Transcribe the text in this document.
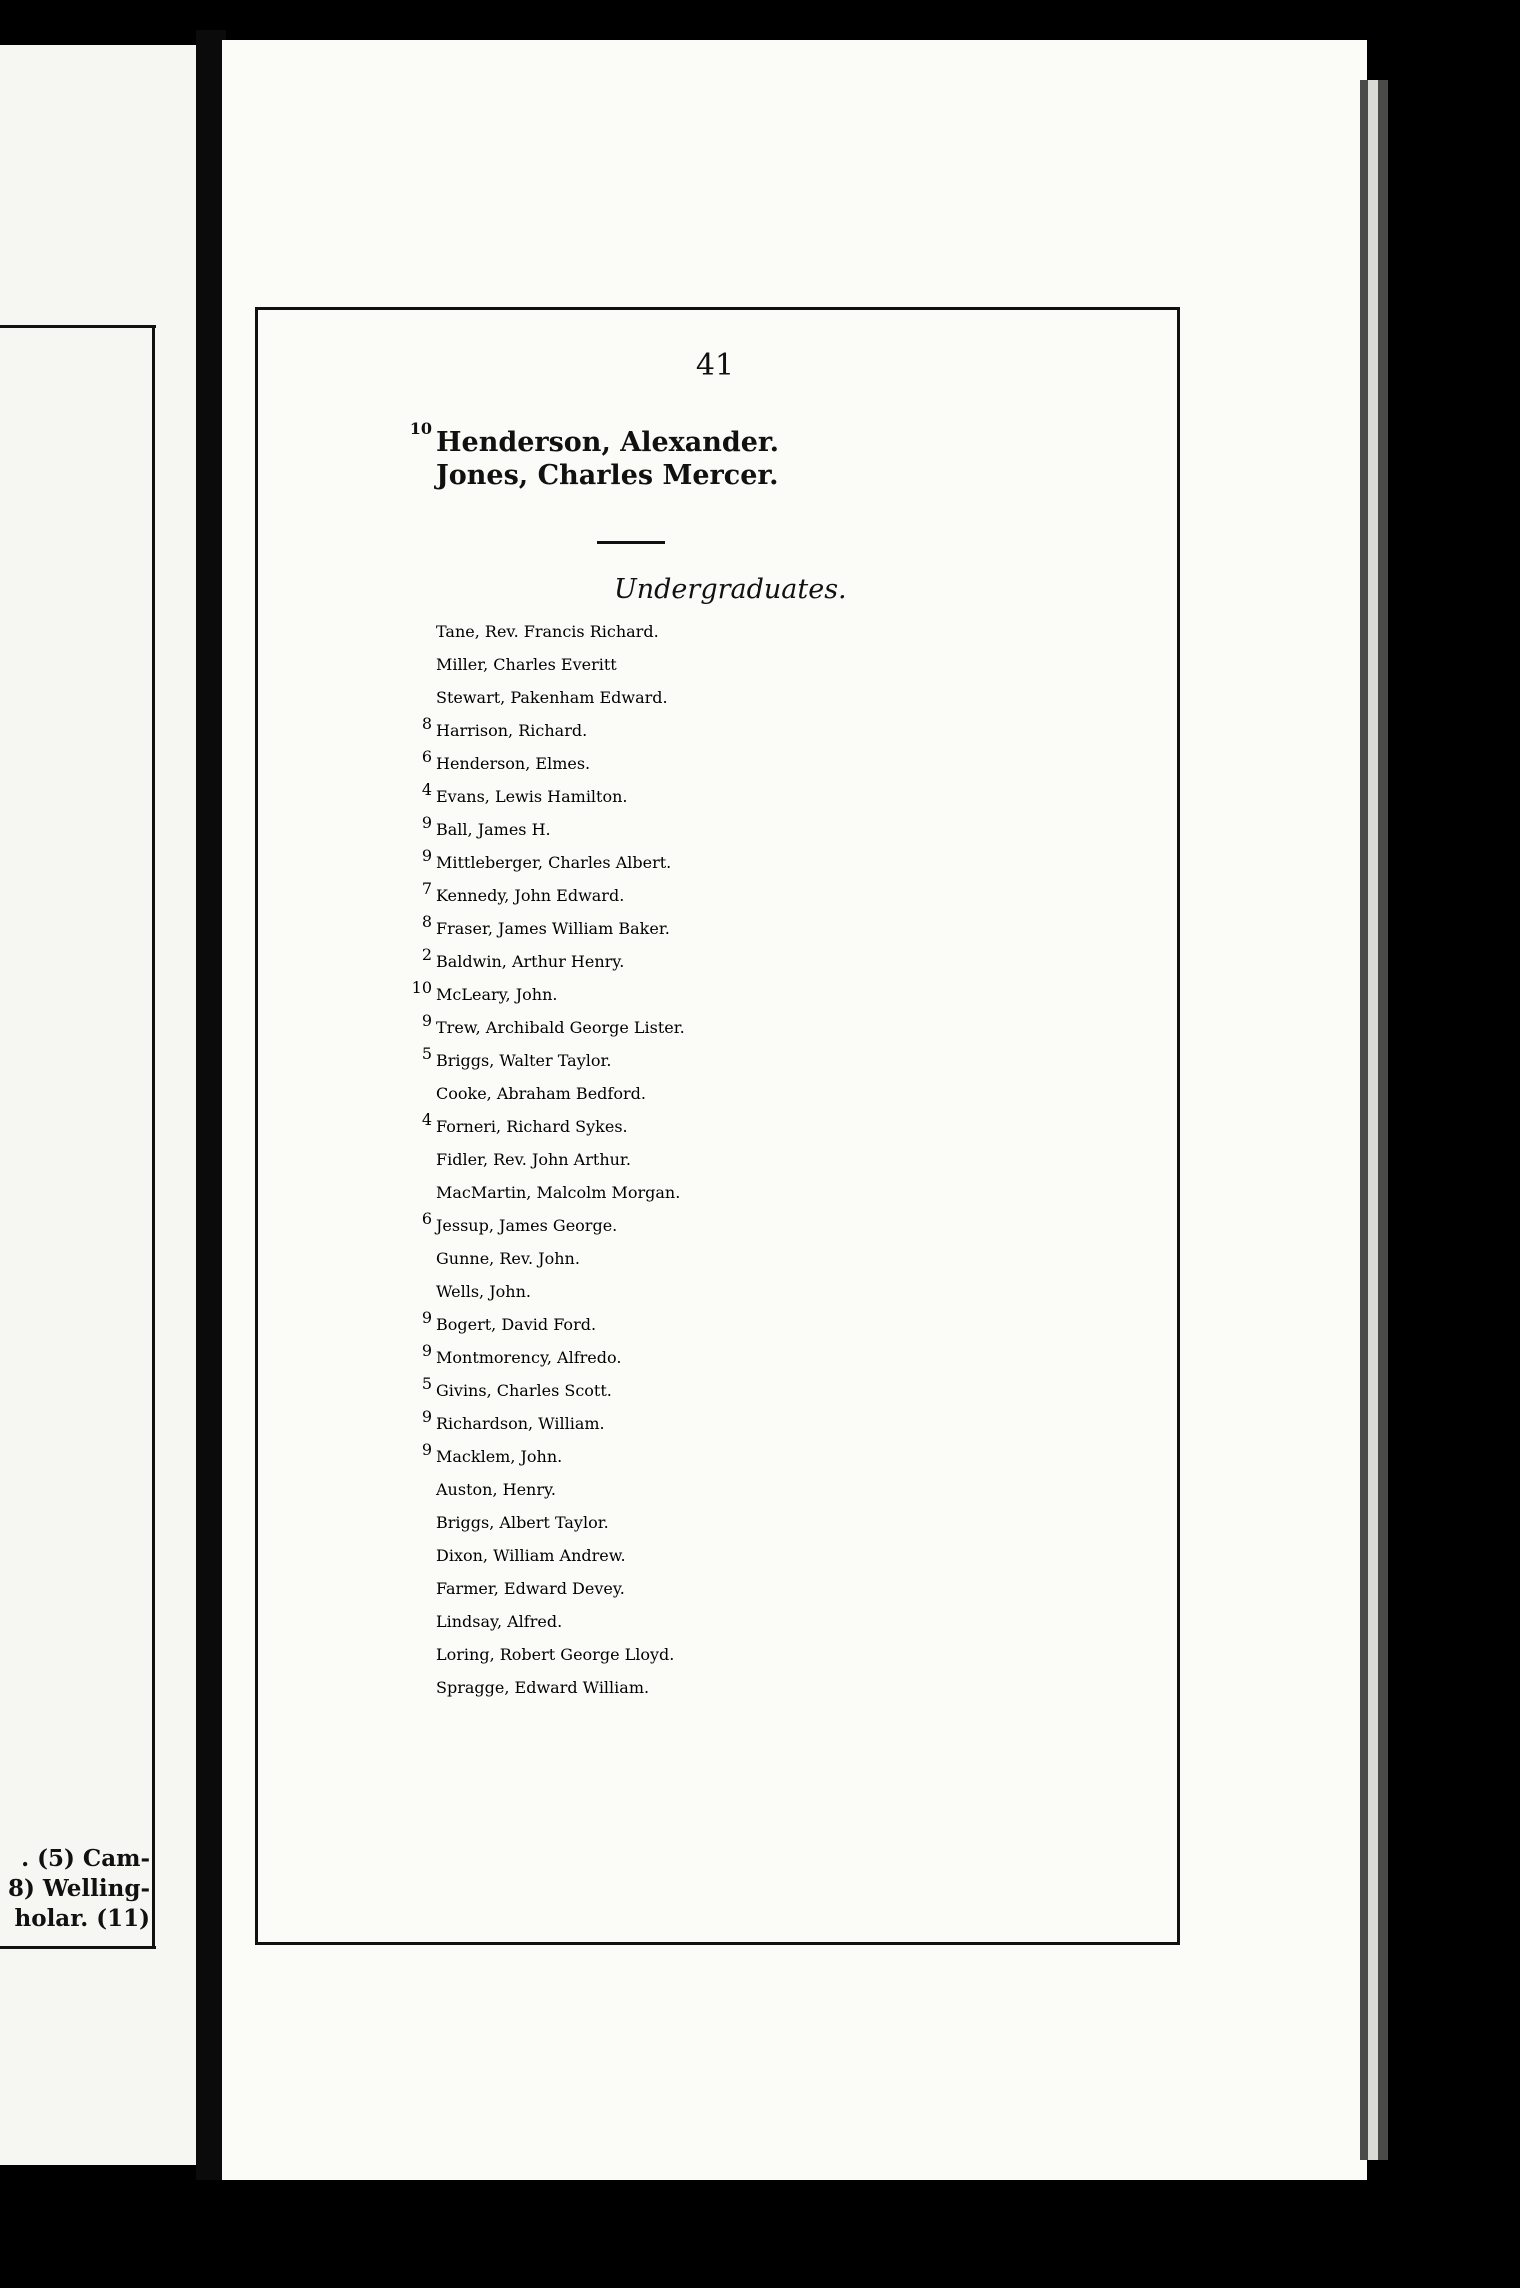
. (5) Cam-
8) Welling-
holar. (11)
41
10 Henderson, Alexander.
Jones, Charles Mercer.
Undergraduates.
Tane, Rev. Francis Richard.
Miller, Charles Everitt
Stewart, Pakenham Edward.
8 Harrison, Richard.
6 Henderson, Elmes.
4 Evans, Lewis Hamilton.
9 Ball, James H.
9 Mittleberger, Charles Albert.
7 Kennedy, John Edward.
8 Fraser, James William Baker.
2 Baldwin, Arthur Henry.
10 McLeary, John.
9 Trew, Archibald George Lister.
5 Briggs, Walter Taylor.
Cooke, Abraham Bedford.
4 Forneri, Richard Sykes.
Fidler, Rev. John Arthur.
MacMartin, Malcolm Morgan.
6 Jessup, James George.
Gunne, Rev. John.
Wells, John.
9 Bogert, David Ford.
9 Montmorency, Alfredo.
5 Givins, Charles Scott.
9 Richardson, William.
9 Macklem, John.
Auston, Henry.
Briggs, Albert Taylor.
Dixon, William Andrew.
Farmer, Edward Devey.
Lindsay, Alfred.
Loring, Robert George Lloyd.
Spragge, Edward William.
